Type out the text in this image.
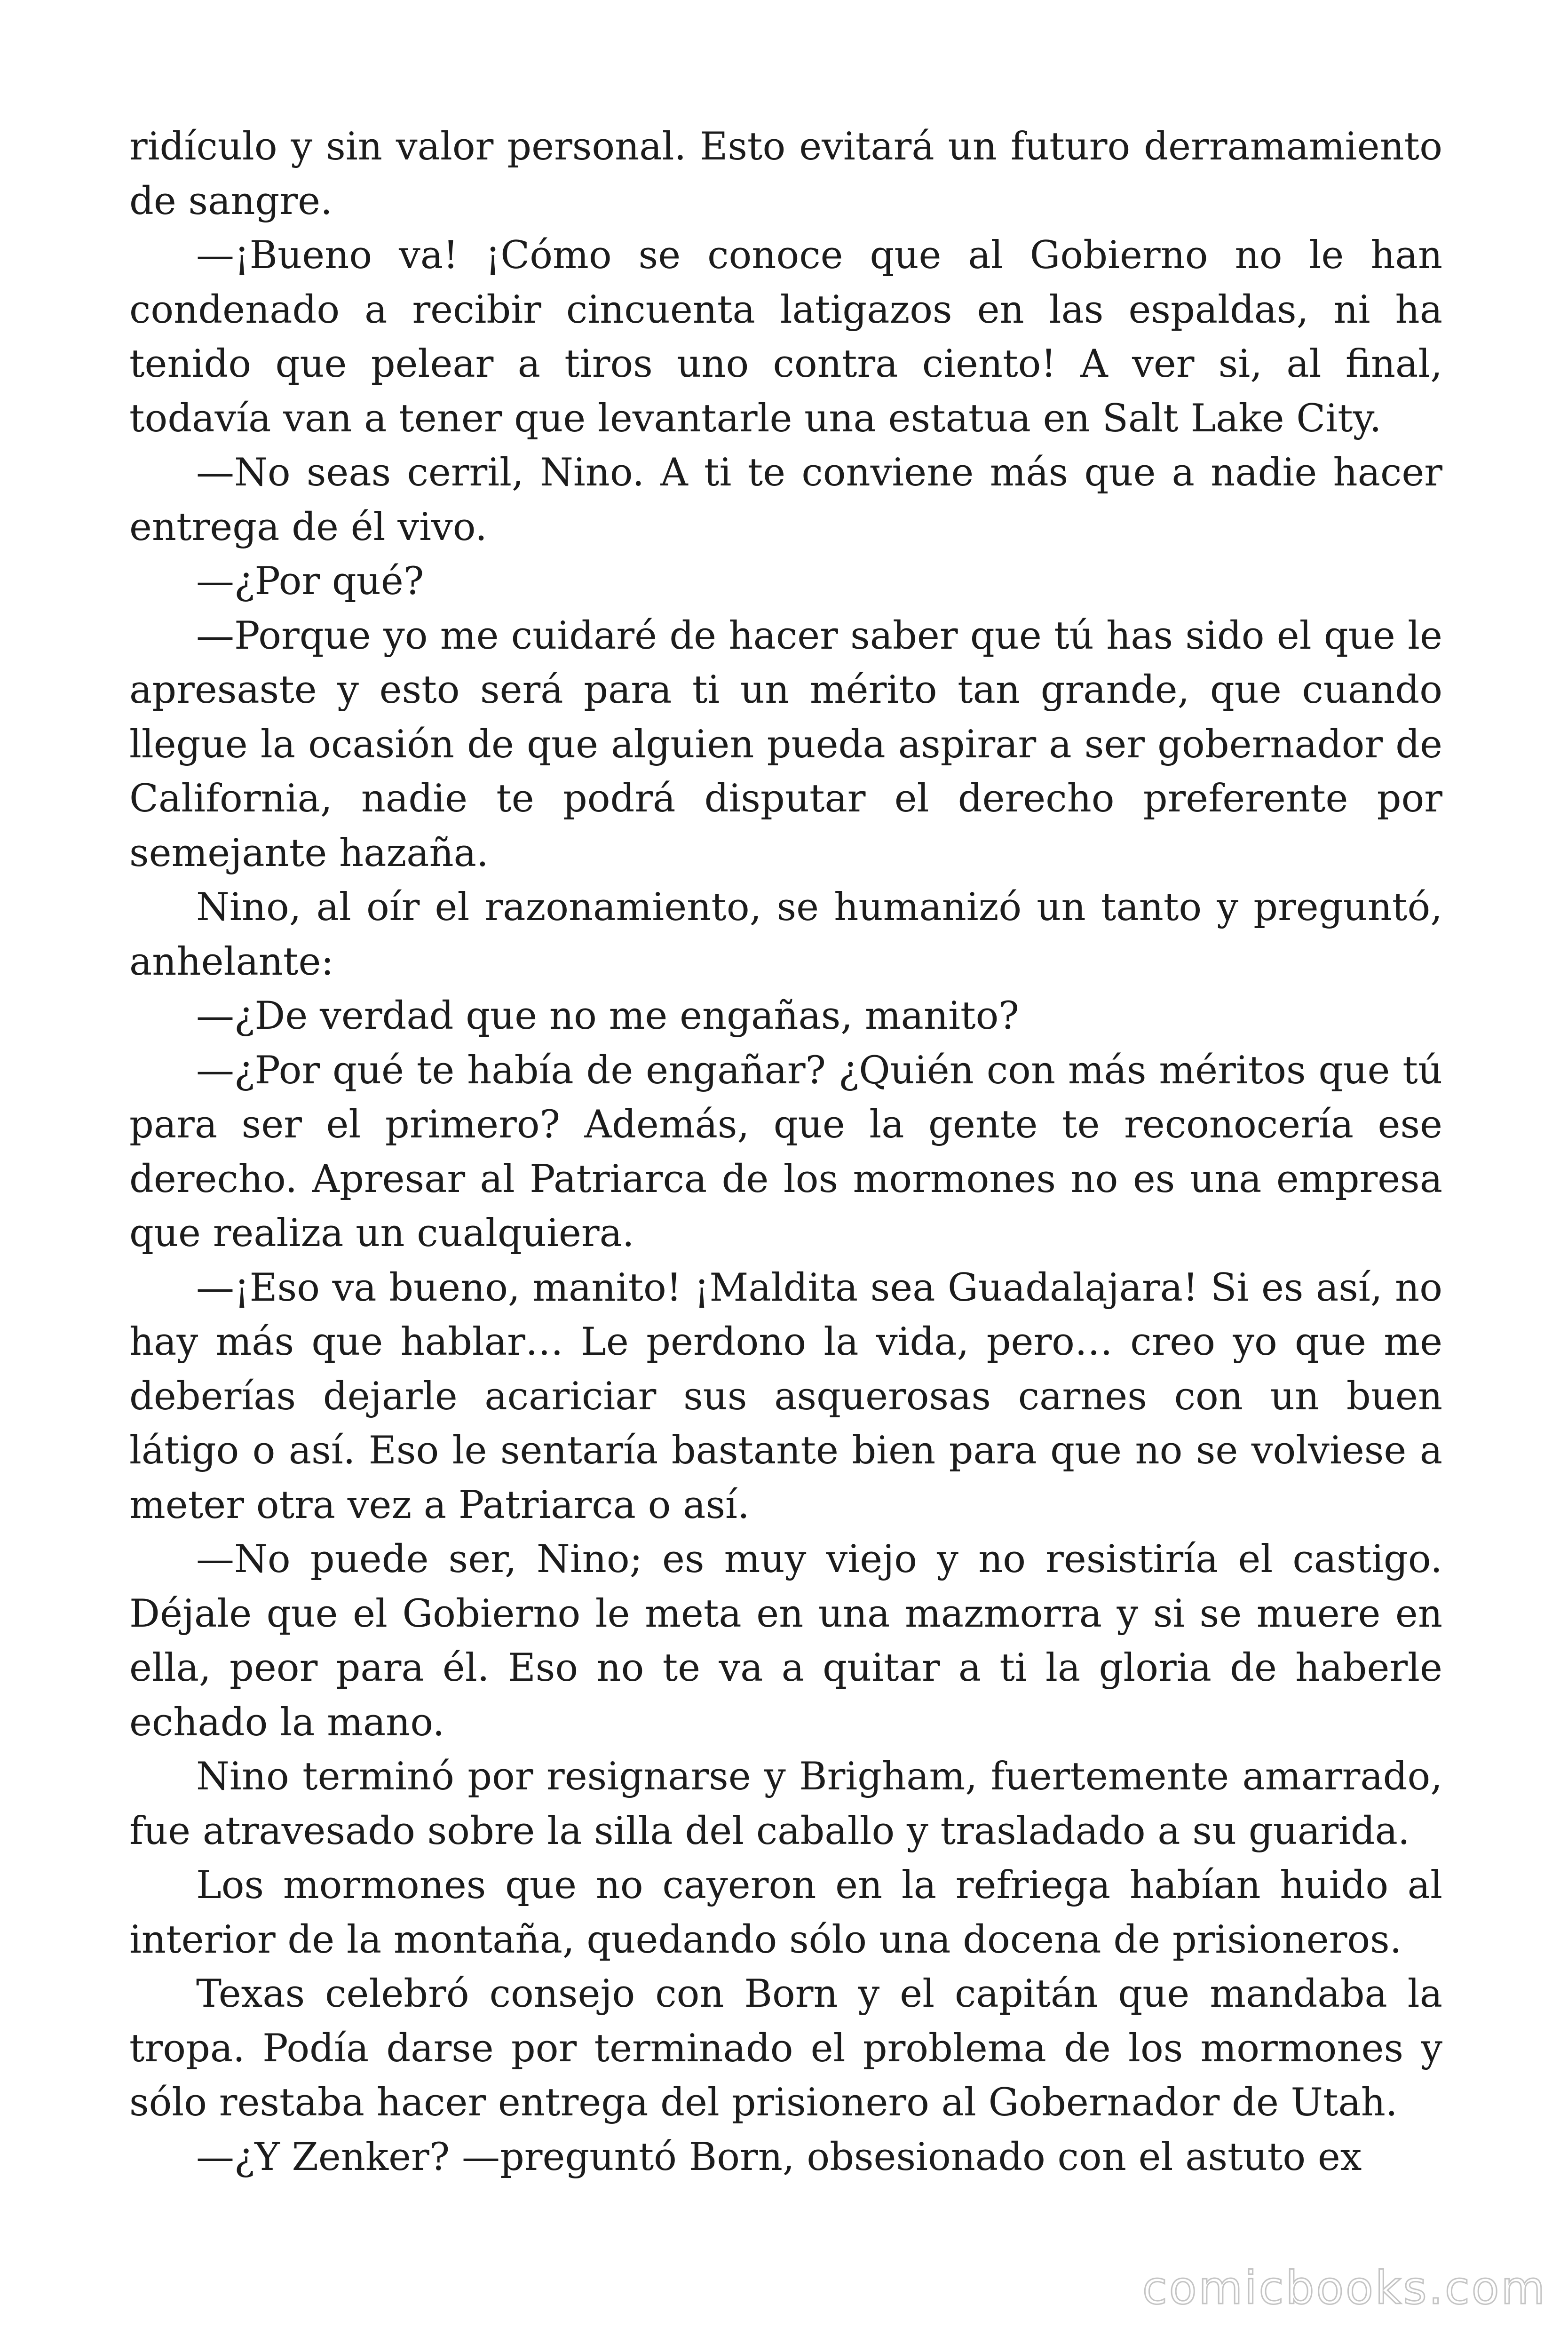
ridículo y sin valor personal. Esto evitará un futuro derramamiento de sangre.

—¡Bueno va! ¡Cómo se conoce que al Gobierno no le han condenado a recibir cincuenta latigazos en las espaldas, ni ha tenido que pelear a tiros uno contra ciento! A ver si, al final, todavía van a tener que levantarle una estatua en Salt Lake City.

—No seas cerril, Nino. A ti te conviene más que a nadie hacer entrega de él vivo.

—¿Por qué?

—Porque yo me cuidaré de hacer saber que tú has sido el que le apresaste y esto será para ti un mérito tan grande, que cuando llegue la ocasión de que alguien pueda aspirar a ser gobernador de California, nadie te podrá disputar el derecho preferente por semejante hazaña.

Nino, al oír el razonamiento, se humanizó un tanto y preguntó, anhelante:

—¿De verdad que no me engañas, manito?

—¿Por qué te había de engañar? ¿Quién con más méritos que tú para ser el primero? Además, que la gente te reconocería ese derecho. Apresar al Patriarca de los mormones no es una empresa que realiza un cualquiera.

—¡Eso va bueno, manito! ¡Maldita sea Guadalajara! Si es así, no hay más que hablar… Le perdono la vida, pero… creo yo que me deberías dejarle acariciar sus asquerosas carnes con un buen látigo o así. Eso le sentaría bastante bien para que no se volviese a meter otra vez a Patriarca o así.

—No puede ser, Nino; es muy viejo y no resistiría el castigo. Déjale que el Gobierno le meta en una mazmorra y si se muere en ella, peor para él. Eso no te va a quitar a ti la gloria de haberle echado la mano.

Nino terminó por resignarse y Brigham, fuertemente amarrado, fue atravesado sobre la silla del caballo y trasladado a su guarida.

Los mormones que no cayeron en la refriega habían huido al interior de la montaña, quedando sólo una docena de prisioneros.

Texas celebró consejo con Born y el capitán que mandaba la tropa. Podía darse por terminado el problema de los mormones y sólo restaba hacer entrega del prisionero al Gobernador de Utah.

—¿Y Zenker? —preguntó Born, obsesionado con el astuto ex

comicbooks.com
